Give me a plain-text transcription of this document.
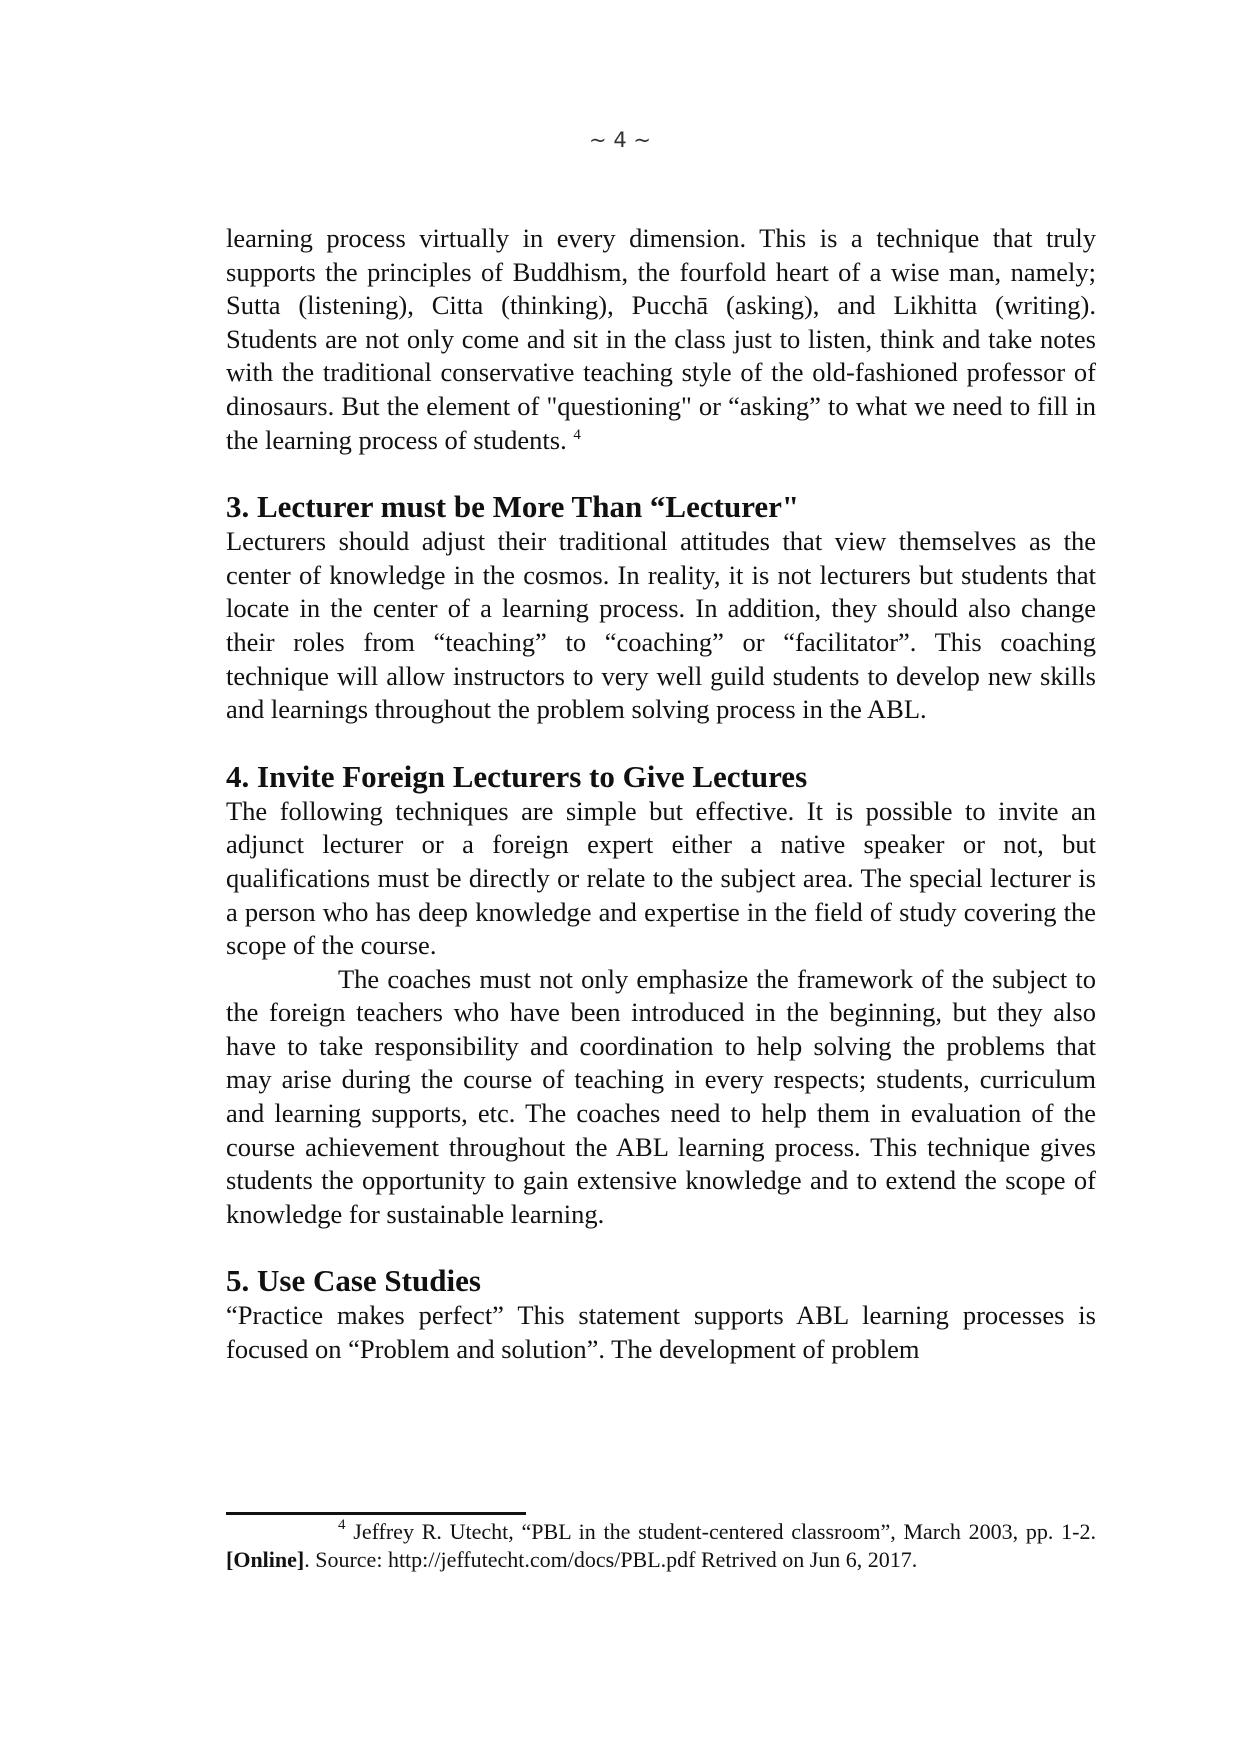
~ 4 ~

learning process virtually in every dimension. This is a technique that truly supports the principles of Buddhism, the fourfold heart of a wise man, namely; Sutta (listening), Citta (thinking), Pucchā (asking), and Likhitta (writing). Students are not only come and sit in the class just to listen, think and take notes with the traditional conservative teaching style of the old-fashioned professor of dinosaurs. But the element of "questioning" or “asking” to what we need to fill in the learning process of students. $^4$

3. Lecturer must be More Than “Lecturer"

Lecturers should adjust their traditional attitudes that view themselves as the center of knowledge in the cosmos. In reality, it is not lecturers but students that locate in the center of a learning process. In addition, they should also change their roles from “teaching” to “coaching” or “facilitator”. This coaching technique will allow instructors to very well guild students to develop new skills and learnings throughout the problem solving process in the ABL.

4. Invite Foreign Lecturers to Give Lectures

The following techniques are simple but effective. It is possible to invite an adjunct lecturer or a foreign expert either a native speaker or not, but qualifications must be directly or relate to the subject area. The special lecturer is a person who has deep knowledge and expertise in the field of study covering the scope of the course.

The coaches must not only emphasize the framework of the subject to the foreign teachers who have been introduced in the beginning, but they also have to take responsibility and coordination to help solving the problems that may arise during the course of teaching in every respects; students, curriculum and learning supports, etc. The coaches need to help them in evaluation of the course achievement throughout the ABL learning process. This technique gives students the opportunity to gain extensive knowledge and to extend the scope of knowledge for sustainable learning.

5. Use Case Studies

“Practice makes perfect” This statement supports ABL learning processes is focused on “Problem and solution”. The development of problem

$^4$ Jeffrey R. Utecht, “PBL in the student-centered classroom”, March 2003, pp. 1-2. [Online]. Source: http://jeffutecht.com/docs/PBL.pdf Retrived on Jun 6, 2017.
